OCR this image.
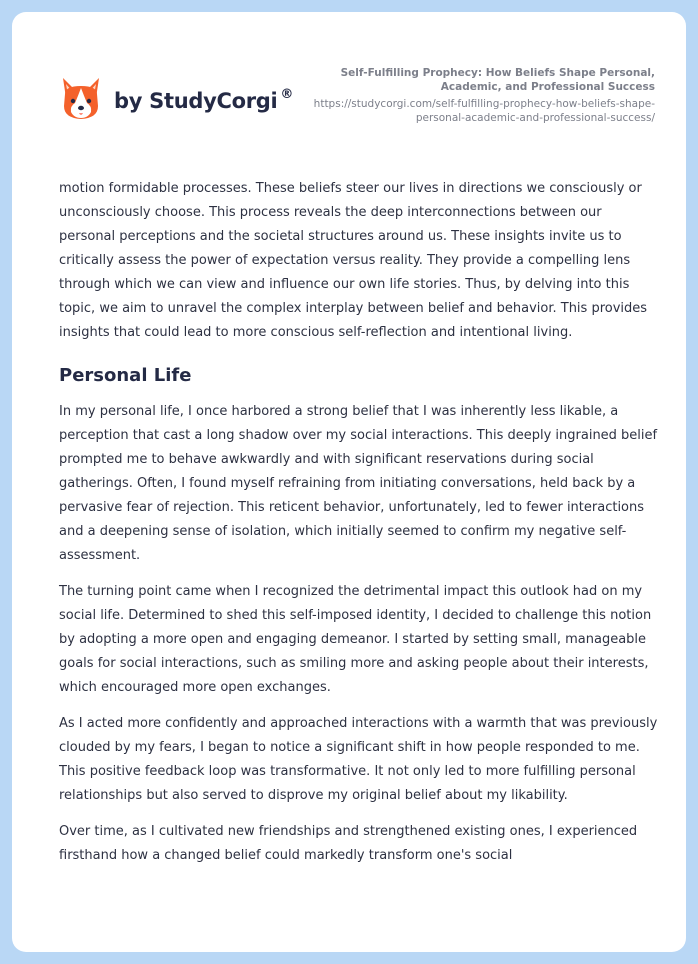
by StudyCorgi ®
Self-Fulfilling Prophecy: How Beliefs Shape Personal, Academic, and Professional Success
https://studycorgi.com/self-fulfilling-prophecy-how-beliefs-shape-personal-academic-and-professional-success/

motion formidable processes. These beliefs steer our lives in directions we consciously or unconsciously choose. This process reveals the deep interconnections between our personal perceptions and the societal structures around us. These insights invite us to critically assess the power of expectation versus reality. They provide a compelling lens through which we can view and influence our own life stories. Thus, by delving into this topic, we aim to unravel the complex interplay between belief and behavior. This provides insights that could lead to more conscious self-reflection and intentional living.

Personal Life

In my personal life, I once harbored a strong belief that I was inherently less likable, a perception that cast a long shadow over my social interactions. This deeply ingrained belief prompted me to behave awkwardly and with significant reservations during social gatherings. Often, I found myself refraining from initiating conversations, held back by a pervasive fear of rejection. This reticent behavior, unfortunately, led to fewer interactions and a deepening sense of isolation, which initially seemed to confirm my negative self-assessment.

The turning point came when I recognized the detrimental impact this outlook had on my social life. Determined to shed this self-imposed identity, I decided to challenge this notion by adopting a more open and engaging demeanor. I started by setting small, manageable goals for social interactions, such as smiling more and asking people about their interests, which encouraged more open exchanges.

As I acted more confidently and approached interactions with a warmth that was previously clouded by my fears, I began to notice a significant shift in how people responded to me. This positive feedback loop was transformative. It not only led to more fulfilling personal relationships but also served to disprove my original belief about my likability.

Over time, as I cultivated new friendships and strengthened existing ones, I experienced firsthand how a changed belief could markedly transform one's social
